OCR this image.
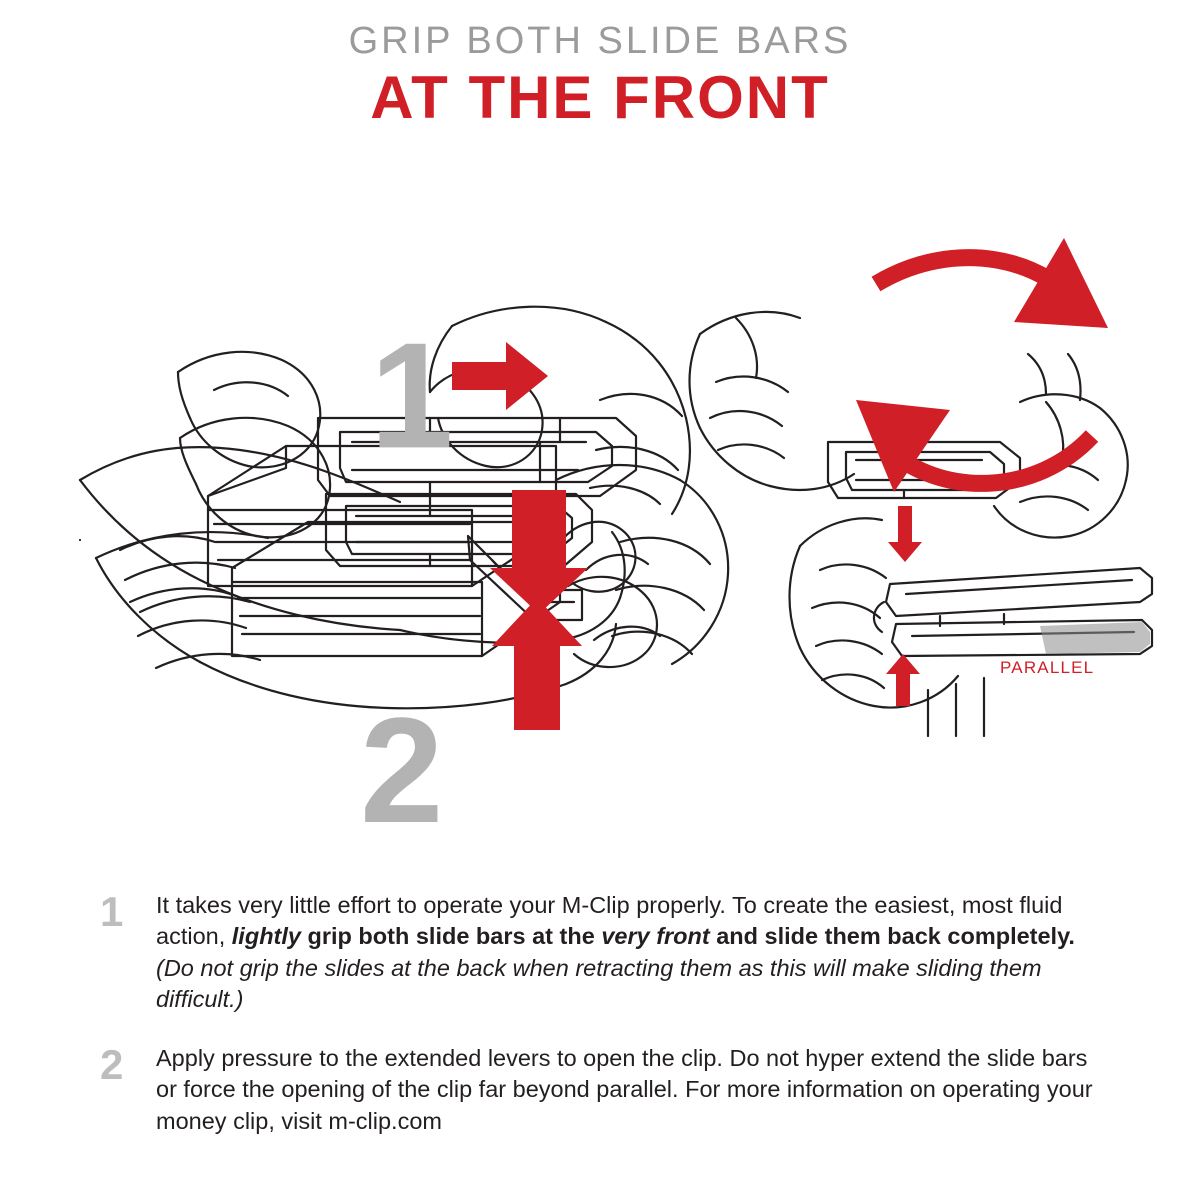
GRIP BOTH SLIDE BARS
AT THE FRONT
1
2
PARALLEL
1	It takes very little effort to operate your M-Clip properly. To create the easiest, most fluid action, lightly grip both slide bars at the very front and slide them back completely. (Do not grip the slides at the back when retracting them as this will make sliding them difficult.)
2	Apply pressure to the extended levers to open the clip. Do not hyper extend the slide bars or force the opening of the clip far beyond parallel. For more information on operating your money clip, visit m-clip.com
